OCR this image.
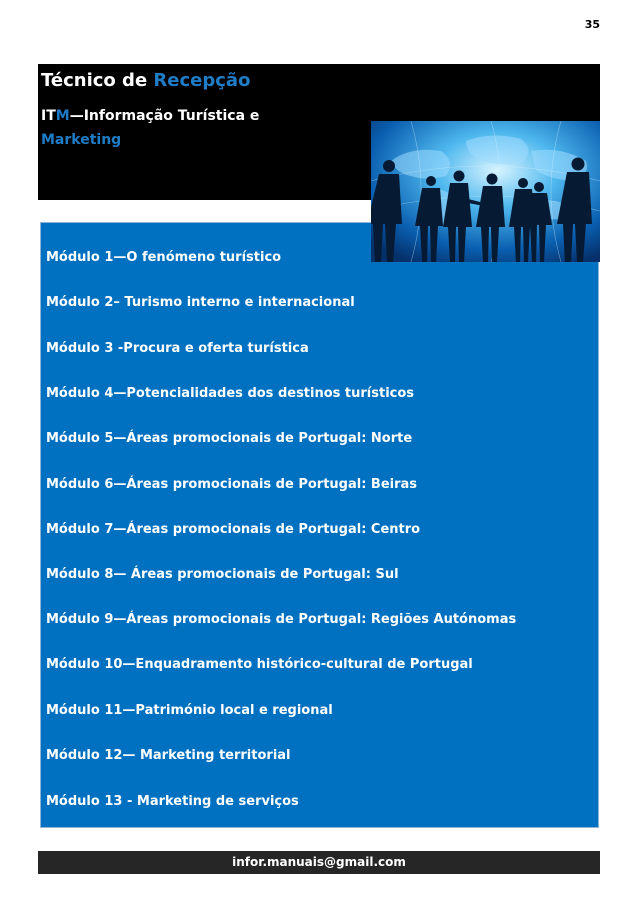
35
Técnico de Recepção
ITM—Informação Turística e
Marketing
Módulo 1—O fenómeno turístico
Módulo 2– Turismo interno e internacional
Módulo 3 -Procura e oferta turística
Módulo 4—Potencialidades dos destinos turísticos
Módulo 5—Áreas promocionais de Portugal: Norte
Módulo 6—Áreas promocionais de Portugal: Beiras
Módulo 7—Áreas promocionais de Portugal: Centro
Módulo 8— Áreas promocionais de Portugal: Sul
Módulo 9—Áreas promocionais de Portugal: Regiões Autónomas
Módulo 10—Enquadramento histórico-cultural de Portugal
Módulo 11—Património local e regional
Módulo 12— Marketing territorial
Módulo 13 - Marketing de serviços
infor.manuais@gmail.com
